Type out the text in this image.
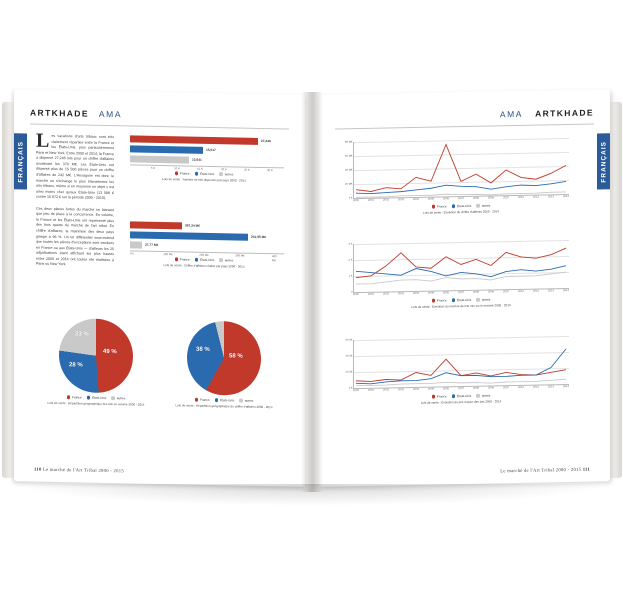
ARTKHADE AMA
FRANÇAIS Les vacations d'arts tribaux sont très clairement réparties entre la France et les États-Unis, plus particulièrement Paris et New York. Entre 2000 et 2014, la France a dispersé 27,246 lots pour un chiffre d'affaires avoisinant les 370 M€. Les États-Unis ont dispersé plus de 15 500 pièces pour un chiffre d'affaires de 242 M€. L'Hexagone est donc le marché où s'échange le plus intensément les arts tribaux, même si en moyenne un objet y est ainsi moins cher qu'aux États-Unis (13 588 € contre 15 672 € sur la période 2000 - 2015).

Ces deux places fortes du marché ne laissant que peu de place à la concurrence. En volume, la France et les États-Unis ont représenté plus des trois quarts du marché de l'art tribal. En chiffre d'affaires, la mainmise des deux pays grimpe à 96 %. Un tel différentiel sous-entend que toutes les pièces d'exceptions sont vendues en France ou aux États-Unis — d'ailleurs les 25 adjudications étant affichant les plus hautes entre 2000 et 2014 ont toutes été réalisées à Paris ou New York.

27,246
15,517
12,641
5 K	10 K	15 K	20 K	25 K	30 K
France	États-Unis	autres
Lots de vente : Nombre de lots dispersés par pays 2000 - 2014
367,24 M€
241,95 M€
27,77 M€
0 €	100 M€	200 M€	300 M€	400 M€
France	États-Unis	autres
Lots de vente : Chiffre d'affaires réalisé par pays 2000 - 2014
49 %
28 %
23 %
France	États-Unis	autres
Lots de vente : Répartition géographique des lots en volume 2000 - 2014
58 %
38 %
France	États-Unis	autres
Lots de vente : Répartition géographique du chiffre d'affaires 2000 - 2014
110 Le marché de l'Art Tribal 2000 - 2015
AMA ARTKHADE
FRANÇAIS
80 M€
60 M€
40 M€
20 M€
0 €
2000	2001	2002	2003	2004	2005	2006	2007	2008	2009	2010	2011	2012	2013	2014
France	États-Unis	autres
Lots de vente : Évolution du chiffre d'affaires 2000 - 2014
3 K
2 K
1 K
0
2000	2001	2002	2003	2004	2005	2006	2007	2008	2009	2010	2011	2012	2013	2014
France	États-Unis	autres
Lots de vente : Évolution du nombre de lots mis sur le marché 2000 - 2014
60 K€
40 K€
20 K€
0 €
2000	2001	2002	2003	2004	2005	2006	2007	2008	2009	2010	2011	2012	2013	2014
France	États-Unis	autres
Lots de vente : Évolution du prix moyen des lots 2000 - 2014
Le marché de l'Art Tribal 2000 - 2015 111
